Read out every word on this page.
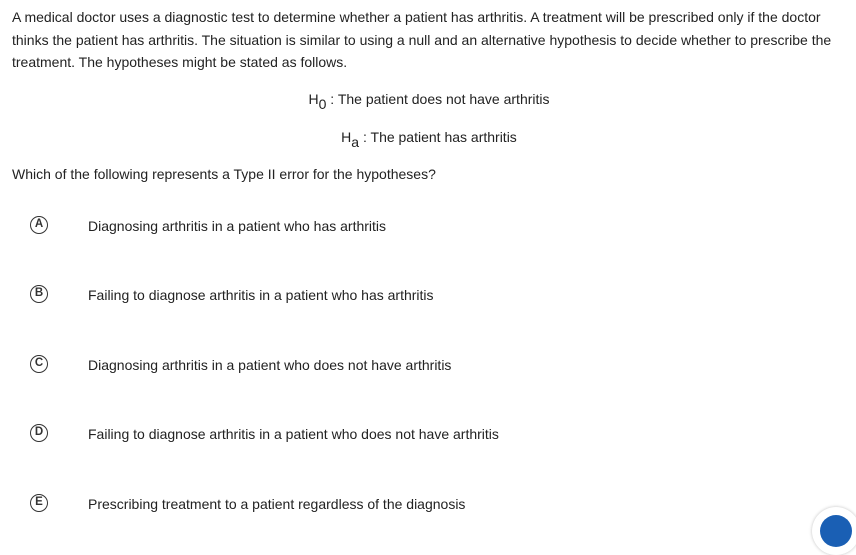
A medical doctor uses a diagnostic test to determine whether a patient has arthritis. A treatment will be prescribed only if the doctor thinks the patient has arthritis. The situation is similar to using a null and an alternative hypothesis to decide whether to prescribe the treatment. The hypotheses might be stated as follows.

$H_0$ : The patient does not have arthritis
$H_a$ : The patient has arthritis

Which of the following represents a Type II error for the hypotheses?

A	Diagnosing arthritis in a patient who has arthritis
B	Failing to diagnose arthritis in a patient who has arthritis
C	Diagnosing arthritis in a patient who does not have arthritis
D	Failing to diagnose arthritis in a patient who does not have arthritis
E	Prescribing treatment to a patient regardless of the diagnosis
